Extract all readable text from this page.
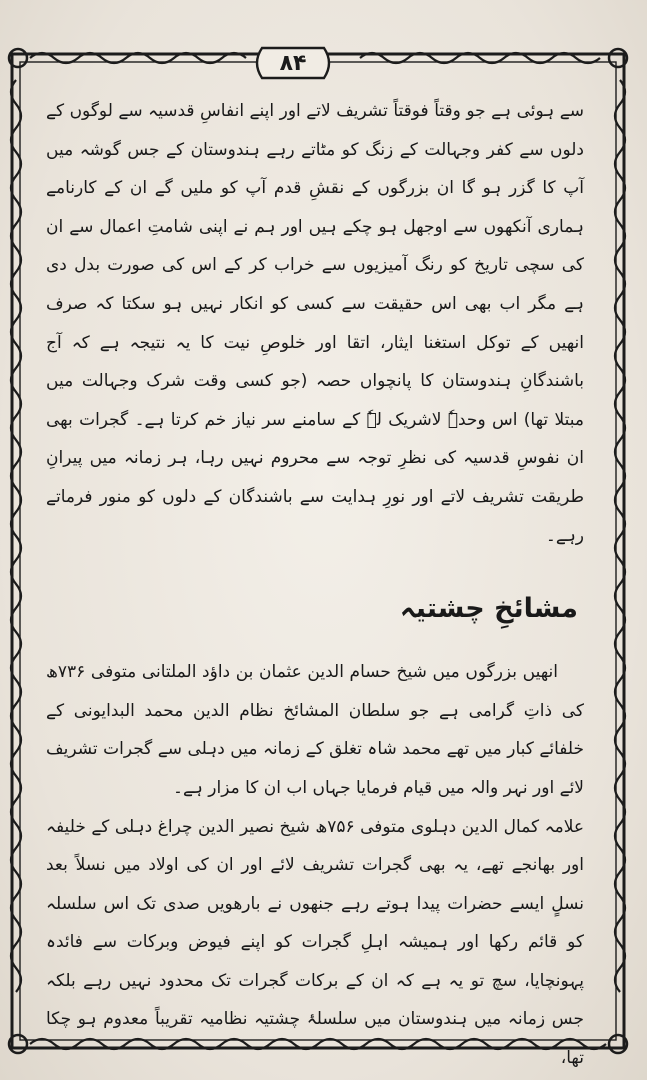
۸۴

سے ہوئی ہے جو وقتاً فوقتاً تشریف لاتے اور اپنے انفاسِ قدسیہ سے لوگوں کے دلوں سے کفر وجہالت کے زنگ کو مٹاتے رہے ہندوستان کے جس گوشہ میں آپ کا گزر ہو گا ان بزرگوں کے نقشِ قدم آپ کو ملیں گے ان کے کارنامے ہماری آنکھوں سے اوجھل ہو چکے ہیں اور ہم نے اپنی شامتِ اعمال سے ان کی سچی تاریخ کو رنگ آمیزیوں سے خراب کر کے اس کی صورت بدل دی ہے مگر اب بھی اس حقیقت سے کسی کو انکار نہیں ہو سکتا کہ صرف انھیں کے توکل استغنا ایثار، اتقا اور خلوصِ نیت کا یہ نتیجہ ہے کہ آج باشندگانِ ہندوستان کا پانچواں حصہ (جو کسی وقت شرک وجہالت میں مبتلا تھا) اس وحدہٗ لاشریک لہٗ کے سامنے سر نیاز خم کرتا ہے۔ گجرات بھی ان نفوسِ قدسیہ کی نظرِ توجہ سے محروم نہیں رہا، ہر زمانہ میں پیرانِ طریقت تشریف لاتے اور نورِ ہدایت سے باشندگان کے دلوں کو منور فرماتے رہے۔

مشائخِ چشتیہ

انھیں بزرگوں میں شیخ حسام الدین عثمان بن داؤد الملتانی متوفی ۷۳۶ھ کی ذاتِ گرامی ہے جو سلطان المشائخ نظام الدین محمد البدایونی کے خلفائے کبار میں تھے محمد شاہ تغلق کے زمانہ میں دہلی سے گجرات تشریف لائے اور نہر والہ میں قیام فرمایا جہاں اب ان کا مزار ہے۔

علامہ کمال الدین دہلوی متوفی ۷۵۶ھ شیخ نصیر الدین چراغ دہلی کے خلیفہ اور بھانجے تھے، یہ بھی گجرات تشریف لائے اور ان کی اولاد میں نسلاً بعد نسلٍ ایسے حضرات پیدا ہوتے رہے جنھوں نے بارھویں صدی تک اس سلسلہ کو قائم رکھا اور ہمیشہ اہلِ گجرات کو اپنے فیوض وبرکات سے فائدہ پہونچایا، سچ تو یہ ہے کہ ان کے برکات گجرات تک محدود نہیں رہے بلکہ جس زمانہ میں ہندوستان میں سلسلۂ چشتیہ نظامیہ تقریباً معدوم ہو چکا تھا،
